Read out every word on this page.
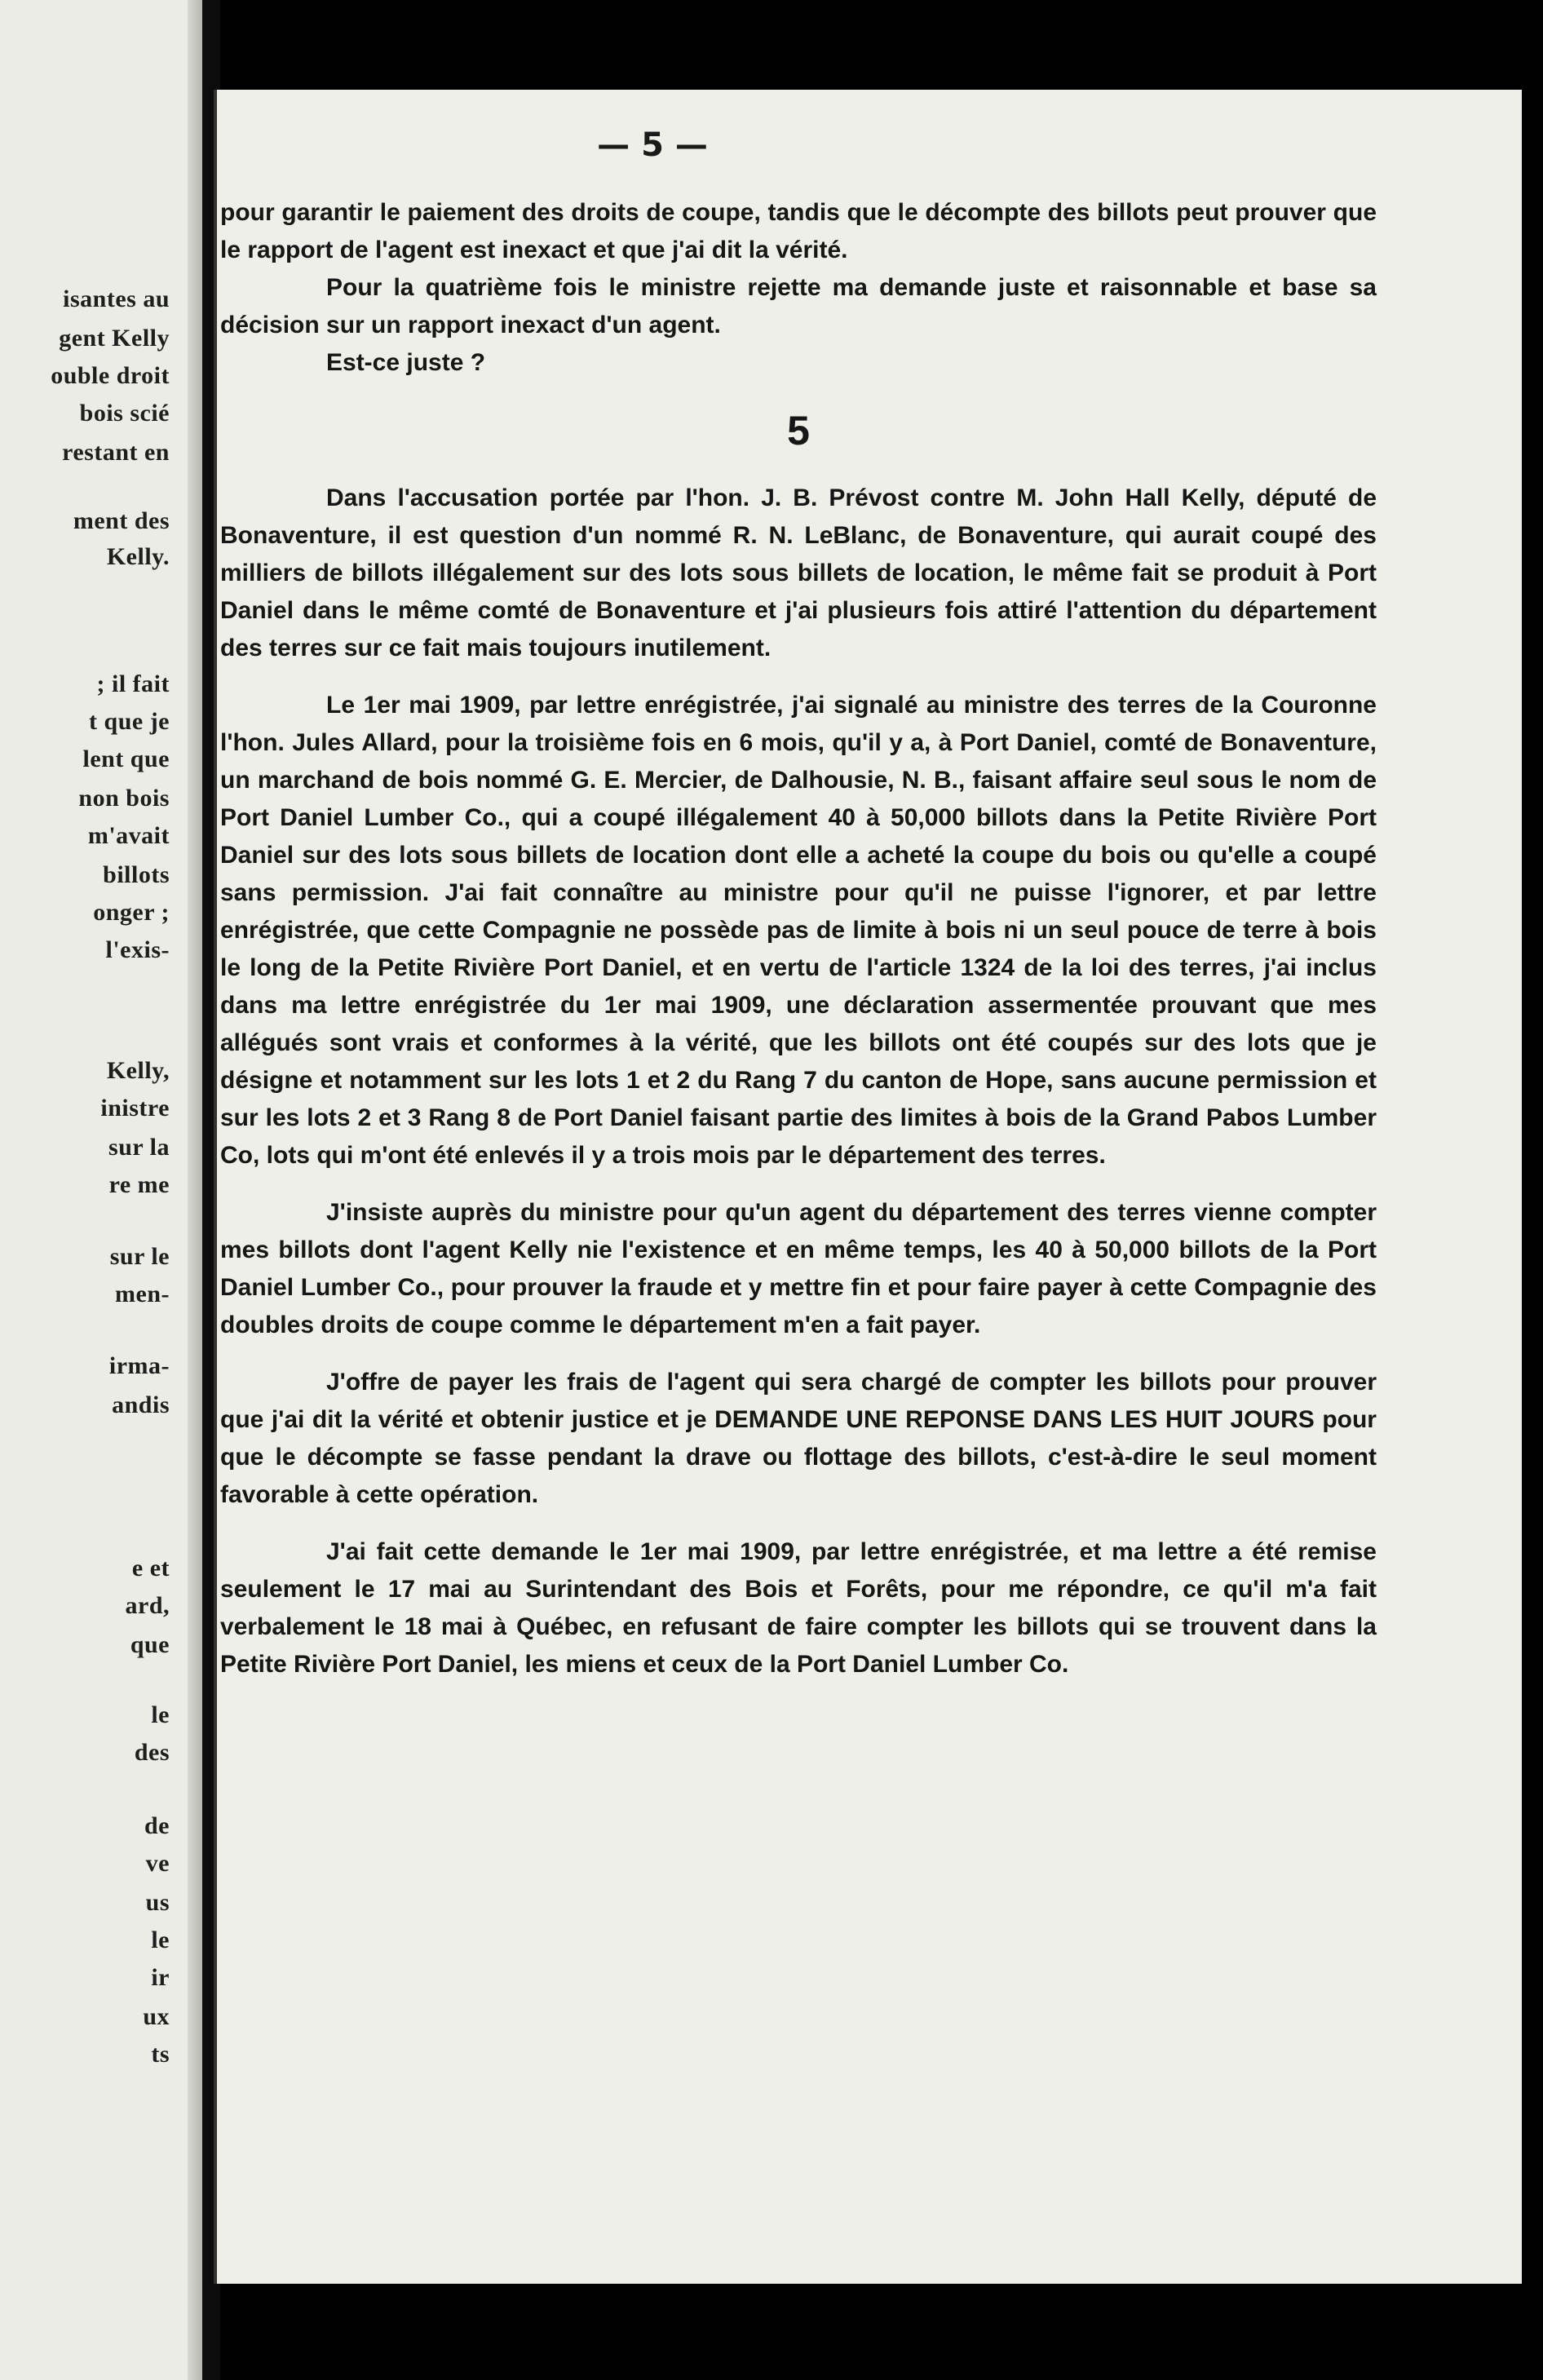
isantes au
gent Kelly
ouble droit
bois scié
restant en
ment des
Kelly.
; il fait
t que je
lent que
non bois
m'avait
billots
onger ;
l'exis-
Kelly,
inistre
sur la
re me
sur le
men-
irma-
andis
e et
ard,
que
le
des
de
ve
us
le
ir
ux
ts
— 5 —

pour garantir le paiement des droits de coupe, tandis que le décompte des billots peut prouver que le rapport de l'agent est inexact et que j'ai dit la vérité.

Pour la quatrième fois le ministre rejette ma demande juste et raisonnable et base sa décision sur un rapport inexact d'un agent.

Est-ce juste ?

5

Dans l'accusation portée par l'hon. J. B. Prévost contre M. John Hall Kelly, député de Bonaventure, il est question d'un nommé R. N. LeBlanc, de Bonaventure, qui aurait coupé des milliers de billots illégalement sur des lots sous billets de location, le même fait se produit à Port Daniel dans le même comté de Bonaventure et j'ai plusieurs fois attiré l'attention du département des terres sur ce fait mais toujours inutilement.

Le 1er mai 1909, par lettre enrégistrée, j'ai signalé au ministre des terres de la Couronne l'hon. Jules Allard, pour la troisième fois en 6 mois, qu'il y a, à Port Daniel, comté de Bonaventure, un marchand de bois nommé G. E. Mercier, de Dalhousie, N. B., faisant affaire seul sous le nom de Port Daniel Lumber Co., qui a coupé illégalement 40 à 50,000 billots dans la Petite Rivière Port Daniel sur des lots sous billets de location dont elle a acheté la coupe du bois ou qu'elle a coupé sans permission. J'ai fait connaître au ministre pour qu'il ne puisse l'ignorer, et par lettre enrégistrée, que cette Compagnie ne possède pas de limite à bois ni un seul pouce de terre à bois le long de la Petite Rivière Port Daniel, et en vertu de l'article 1324 de la loi des terres, j'ai inclus dans ma lettre enrégistrée du 1er mai 1909, une déclaration assermentée prouvant que mes allégués sont vrais et conformes à la vérité, que les billots ont été coupés sur des lots que je désigne et notamment sur les lots 1 et 2 du Rang 7 du canton de Hope, sans aucune permission et sur les lots 2 et 3 Rang 8 de Port Daniel faisant partie des limites à bois de la Grand Pabos Lumber Co, lots qui m'ont été enlevés il y a trois mois par le département des terres.

J'insiste auprès du ministre pour qu'un agent du département des terres vienne compter mes billots dont l'agent Kelly nie l'existence et en même temps, les 40 à 50,000 billots de la Port Daniel Lumber Co., pour prouver la fraude et y mettre fin et pour faire payer à cette Compagnie des doubles droits de coupe comme le département m'en a fait payer.

J'offre de payer les frais de l'agent qui sera chargé de compter les billots pour prouver que j'ai dit la vérité et obtenir justice et je DEMANDE UNE REPONSE DANS LES HUIT JOURS pour que le décompte se fasse pendant la drave ou flottage des billots, c'est-à-dire le seul moment favorable à cette opération.

J'ai fait cette demande le 1er mai 1909, par lettre enrégistrée, et ma lettre a été remise seulement le 17 mai au Surintendant des Bois et Forêts, pour me répondre, ce qu'il m'a fait verbalement le 18 mai à Québec, en refusant de faire compter les billots qui se trouvent dans la Petite Rivière Port Daniel, les miens et ceux de la Port Daniel Lumber Co.
